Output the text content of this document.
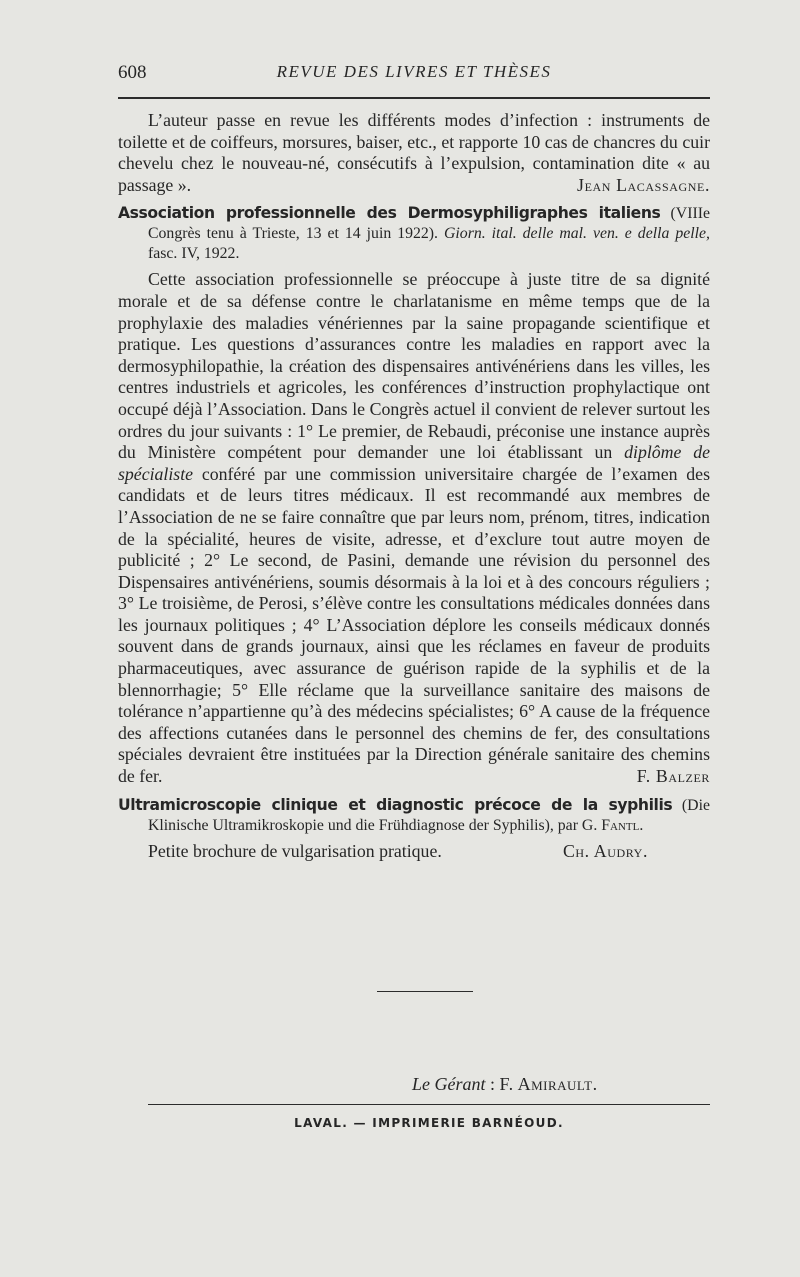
608	REVUE DES LIVRES ET THÈSES

L’auteur passe en revue les différents modes d’infection : instruments de toilette et de coiffeurs, morsures, baiser, etc., et rapporte 10 cas de chancres du cuir chevelu chez le nouveau-né, consécutifs à l’expulsion, contamination dite « au passage ».	Jean Lacassagne.

Association professionnelle des Dermosyphiligraphes italiens (VIIIe Congrès tenu à Trieste, 13 et 14 juin 1922). Giorn. ital. delle mal. ven. e della pelle, fasc. IV, 1922.

Cette association professionnelle se préoccupe à juste titre de sa dignité morale et de sa défense contre le charlatanisme en même temps que de la prophylaxie des maladies vénériennes par la saine propagande scientifique et pratique. Les questions d’assurances contre les maladies en rapport avec la dermosyphilopathie, la création des dispensaires antivénériens dans les villes, les centres industriels et agricoles, les conférences d’instruction prophylactique ont occupé déjà l’Association. Dans le Congrès actuel il convient de relever surtout les ordres du jour suivants : 1° Le premier, de Rebaudi, préconise une instance auprès du Ministère compétent pour demander une loi établissant un diplôme de spécialiste conféré par une commission universitaire chargée de l’examen des candidats et de leurs titres médicaux. Il est recommandé aux membres de l’Association de ne se faire connaître que par leurs nom, prénom, titres, indication de la spécialité, heures de visite, adresse, et d’exclure tout autre moyen de publicité ; 2° Le second, de Pasini, demande une révision du personnel des Dispensaires antivénériens, soumis désormais à la loi et à des concours réguliers ; 3° Le troisième, de Perosi, s’élève contre les consultations médicales données dans les journaux politiques ; 4° L’Association déplore les conseils médicaux donnés souvent dans de grands journaux, ainsi que les réclames en faveur de produits pharmaceutiques, avec assurance de guérison rapide de la syphilis et de la blennorrhagie; 5° Elle réclame que la surveillance sanitaire des maisons de tolérance n’appartienne qu’à des médecins spécialistes; 6° A cause de la fréquence des affections cutanées dans le personnel des chemins de fer, des consultations spéciales devraient être instituées par la Direction générale sanitaire des chemins de fer.	F. Balzer

Ultramicroscopie clinique et diagnostic précoce de la syphilis (Die Klinische Ultramikroskopie und die Frühdiagnose der Syphilis), par G. Fantl.

Petite brochure de vulgarisation pratique.	Ch. Audry.

Le Gérant : F. Amirault.
LAVAL. — IMPRIMERIE BARNÉOUD.
